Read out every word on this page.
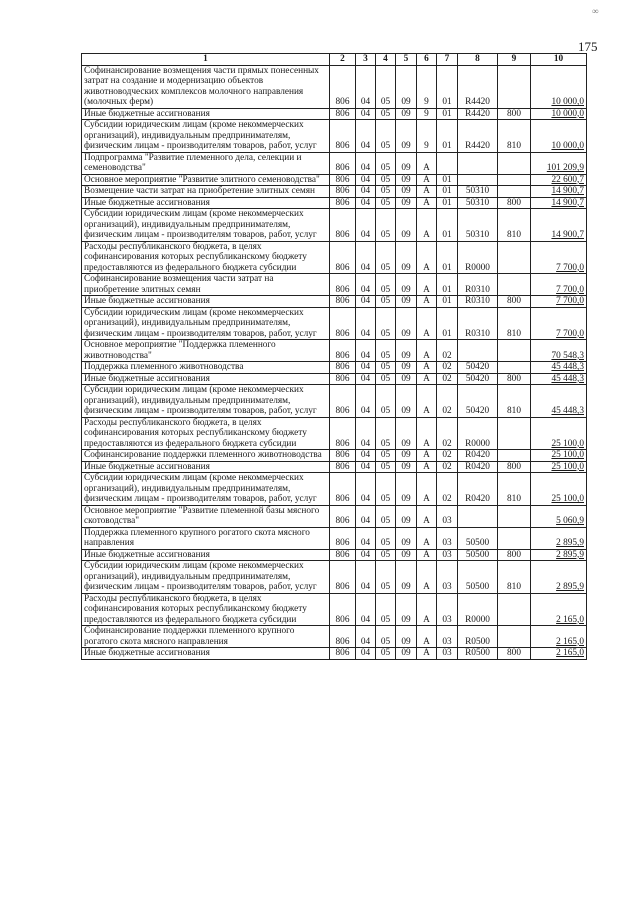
∞
175
1	2	3	4	5	6	7	8	9	10
Софинансирование возмещения части прямых понесенных затрат на создание и модернизацию объектов животноводческих комплексов молочного направления (молочных ферм)	806	04	05	09	9	01	R4420		10 000,0
Иные бюджетные ассигнования	806	04	05	09	9	01	R4420	800	10 000,0
Субсидии юридическим лицам (кроме некоммерческих организаций), индивидуальным предпринимателям, физическим лицам - производителям товаров, работ, услуг	806	04	05	09	9	01	R4420	810	10 000,0
Подпрограмма "Развитие племенного дела, селекции и семеноводства"	806	04	05	09	А				101 209,9
Основное мероприятие "Развитие элитного семеноводства"	806	04	05	09	А	01			22 600,7
Возмещение части затрат на приобретение элитных семян	806	04	05	09	А	01	50310		14 900,7
Иные бюджетные ассигнования	806	04	05	09	А	01	50310	800	14 900,7
Субсидии юридическим лицам (кроме некоммерческих организаций), индивидуальным предпринимателям, физическим лицам - производителям товаров, работ, услуг	806	04	05	09	А	01	50310	810	14 900,7
Расходы республиканского бюджета, в целях софинансирования которых республиканскому бюджету предоставляются из федерального бюджета субсидии	806	04	05	09	А	01	R0000		7 700,0
Софинансирование возмещения части затрат на приобретение элитных семян	806	04	05	09	А	01	R0310		7 700,0
Иные бюджетные ассигнования	806	04	05	09	А	01	R0310	800	7 700,0
Субсидии юридическим лицам (кроме некоммерческих организаций), индивидуальным предпринимателям, физическим лицам - производителям товаров, работ, услуг	806	04	05	09	А	01	R0310	810	7 700,0
Основное мероприятие "Поддержка племенного животноводства"	806	04	05	09	А	02			70 548,3
Поддержка племенного животноводства	806	04	05	09	А	02	50420		45 448,3
Иные бюджетные ассигнования	806	04	05	09	А	02	50420	800	45 448,3
Субсидии юридическим лицам (кроме некоммерческих организаций), индивидуальным предпринимателям, физическим лицам - производителям товаров, работ, услуг	806	04	05	09	А	02	50420	810	45 448,3
Расходы республиканского бюджета, в целях софинансирования которых республиканскому бюджету предоставляются из федерального бюджета субсидии	806	04	05	09	А	02	R0000		25 100,0
Софинансирование поддержки племенного животноводства	806	04	05	09	А	02	R0420		25 100,0
Иные бюджетные ассигнования	806	04	05	09	А	02	R0420	800	25 100,0
Субсидии юридическим лицам (кроме некоммерческих организаций), индивидуальным предпринимателям, физическим лицам - производителям товаров, работ, услуг	806	04	05	09	А	02	R0420	810	25 100,0
Основное мероприятие "Развитие племенной базы мясного скотоводства"	806	04	05	09	А	03			5 060,9
Поддержка племенного крупного рогатого скота мясного направления	806	04	05	09	А	03	50500		2 895,9
Иные бюджетные ассигнования	806	04	05	09	А	03	50500	800	2 895,9
Субсидии юридическим лицам (кроме некоммерческих организаций), индивидуальным предпринимателям, физическим лицам - производителям товаров, работ, услуг	806	04	05	09	А	03	50500	810	2 895,9
Расходы республиканского бюджета, в целях софинансирования которых республиканскому бюджету предоставляются из федерального бюджета субсидии	806	04	05	09	А	03	R0000		2 165,0
Софинансирование поддержки племенного крупного рогатого скота мясного направления	806	04	05	09	А	03	R0500		2 165,0
Иные бюджетные ассигнования	806	04	05	09	А	03	R0500	800	2 165,0
